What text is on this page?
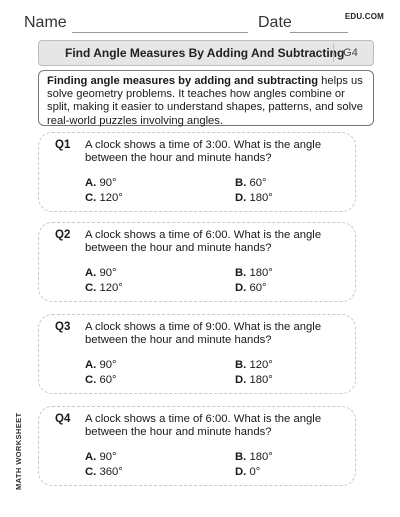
Name	Date	EDU.COM
Find Angle Measures By Adding And Subtracting
G4
Finding angle measures by adding and subtracting helps us solve geometry problems. It teaches how angles combine or split, making it easier to understand shapes, patterns, and solve real-world puzzles involving angles.
Q1 A clock shows a time of 3:00. What is the angle between the hour and minute hands?
A. 90°	B. 60°
C. 120°	D. 180°
Q2 A clock shows a time of 6:00. What is the angle between the hour and minute hands?
A. 90°	B. 180°
C. 120°	D. 60°
Q3 A clock shows a time of 9:00. What is the angle between the hour and minute hands?
A. 90°	B. 120°
C. 60°	D. 180°
Q4 A clock shows a time of 6:00. What is the angle between the hour and minute hands?
A. 90°	B. 180°
C. 360°	D. 0°
MATH WORKSHEET
